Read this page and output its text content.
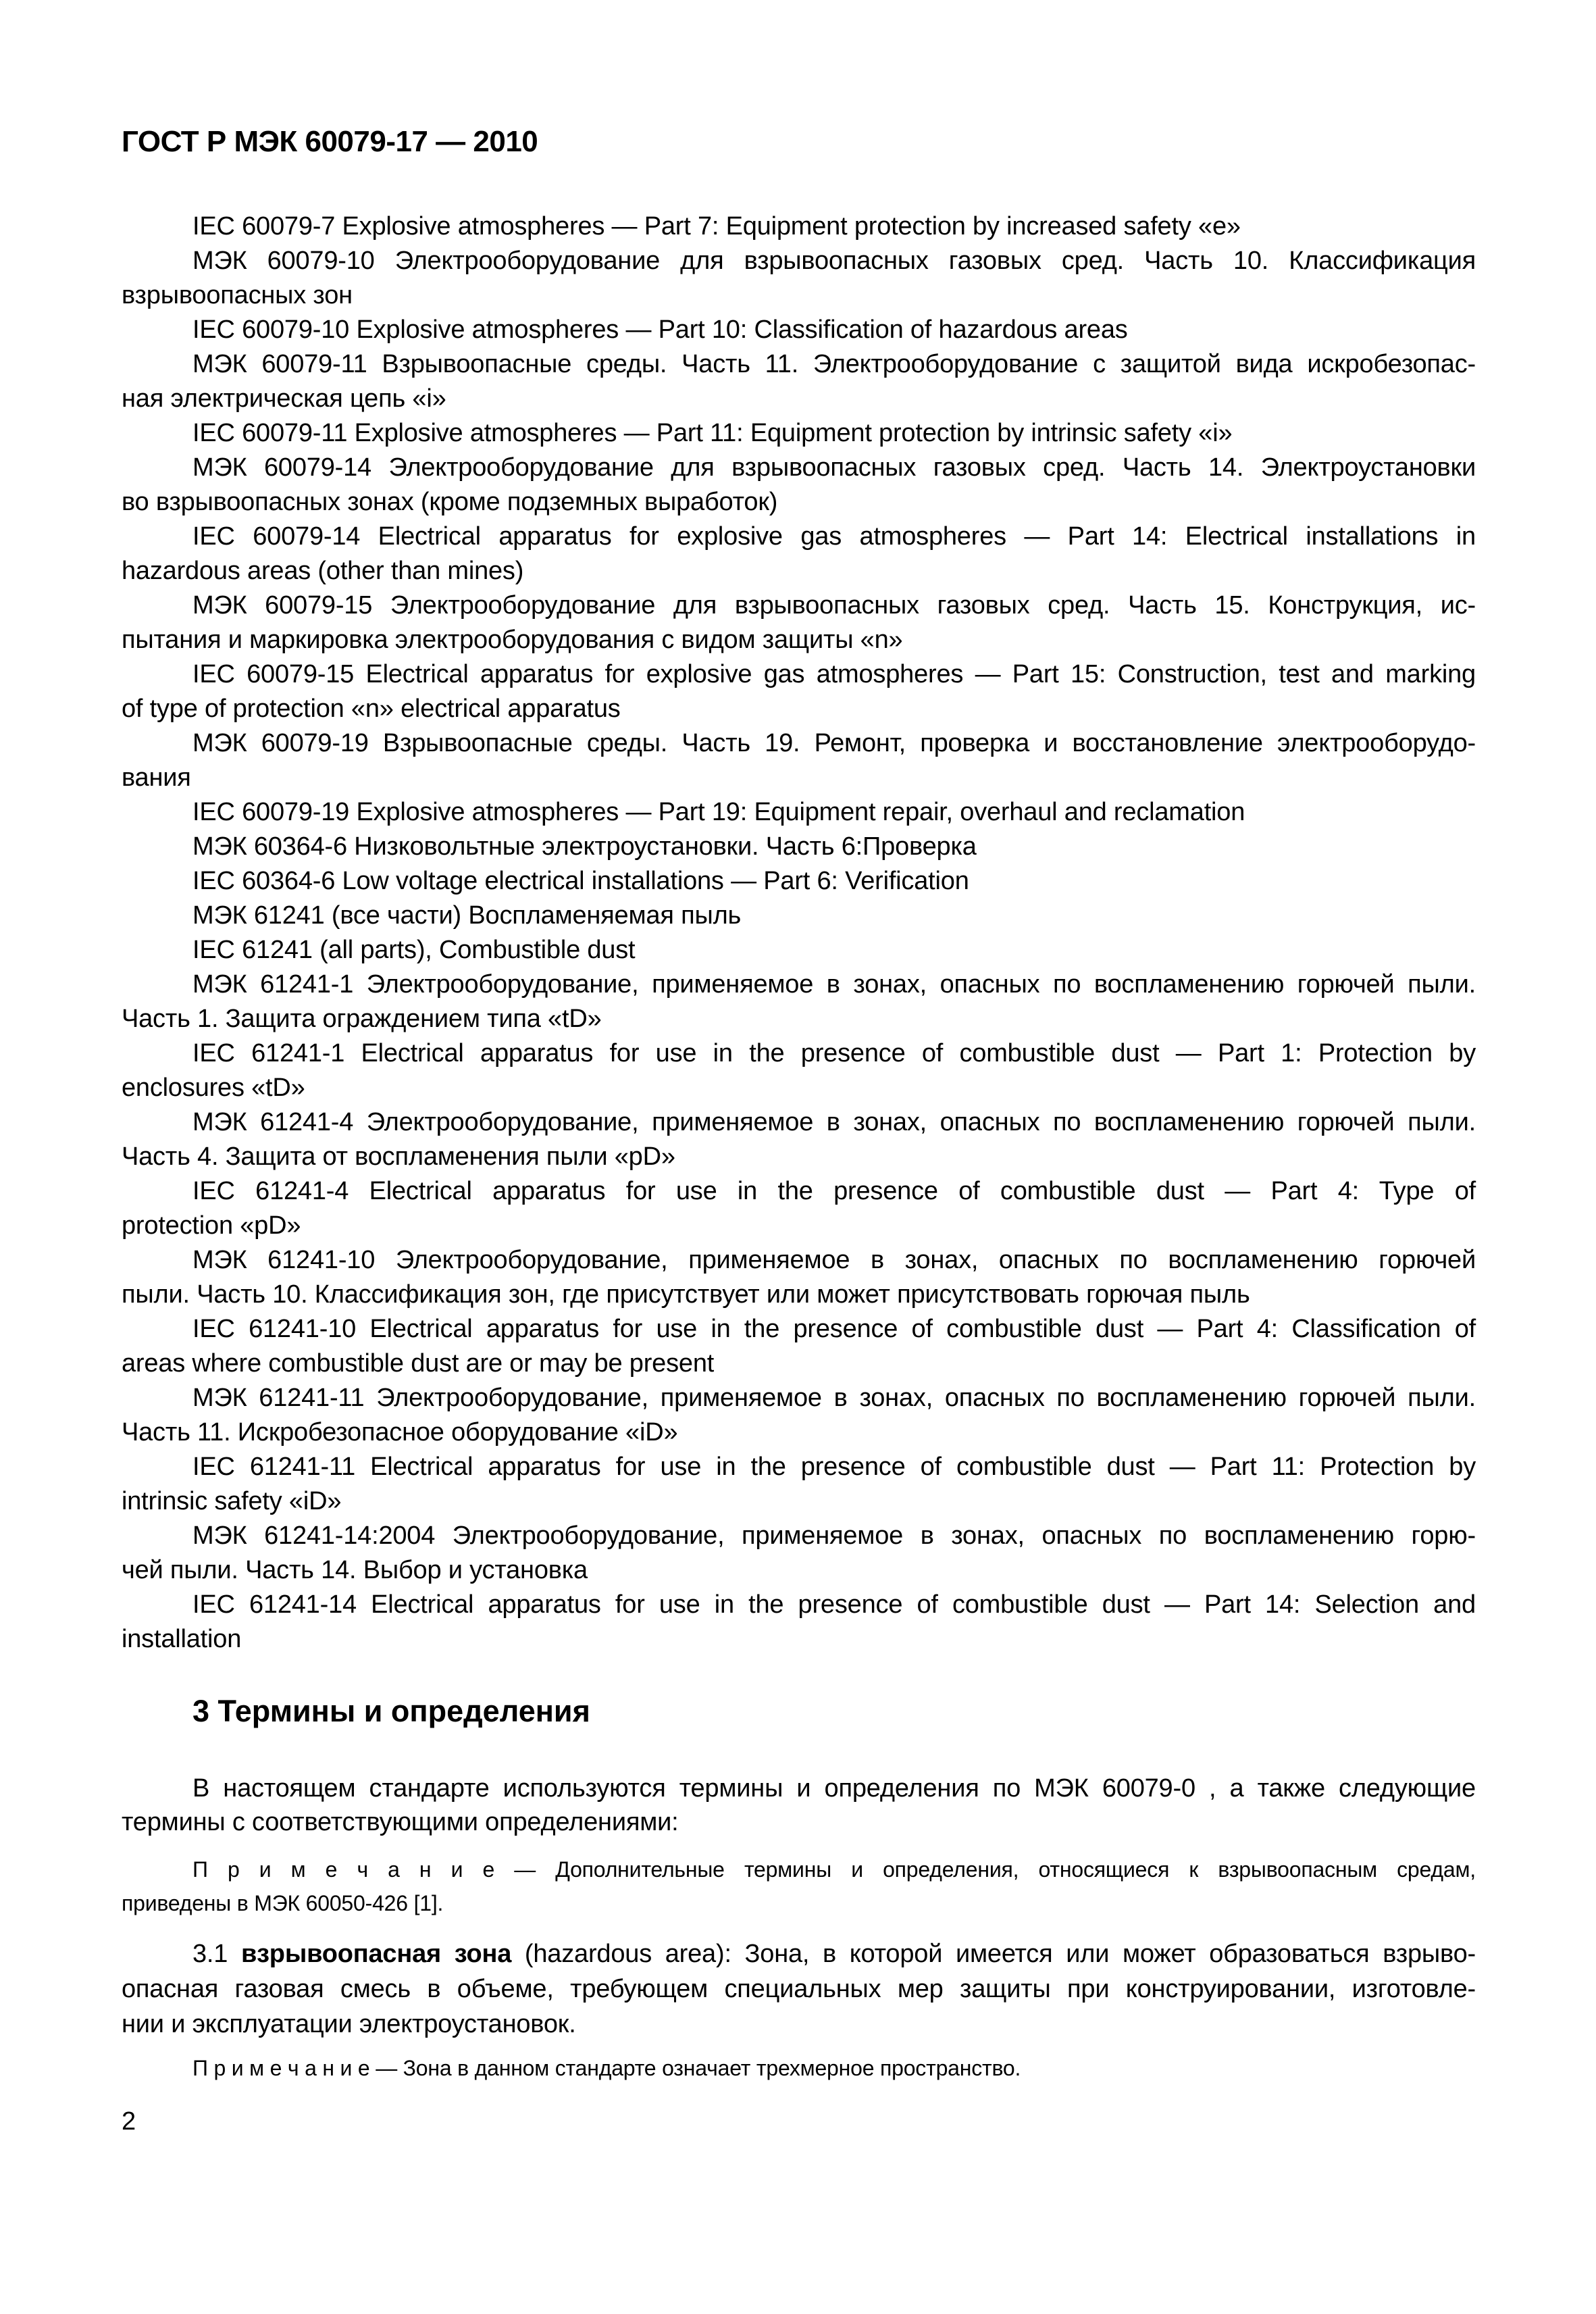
ГОСТ Р МЭК 60079-17 — 2010
IEC 60079-7 Explosive atmospheres — Part 7: Equipment protection by increased safety «e»
МЭК 60079-10 Электрооборудование для взрывоопасных газовых сред. Часть 10. Классификация
взрывоопасных зон
IEC 60079-10 Explosive atmospheres — Part 10: Classification of hazardous areas
МЭК 60079-11 Взрывоопасные среды. Часть 11. Электрооборудование с защитой вида искробезопас-
ная электрическая цепь «i»
IEC 60079-11 Explosive atmospheres — Part 11: Equipment protection by intrinsic safety «i»
МЭК 60079-14 Электрооборудование для взрывоопасных газовых сред. Часть 14. Электроустановки
во взрывоопасных зонах (кроме подземных выработок)
IEC 60079-14 Electrical apparatus for explosive gas atmospheres — Part 14: Electrical installations in
hazardous areas (other than mines)
МЭК 60079-15 Электрооборудование для взрывоопасных газовых сред. Часть 15. Конструкция, ис-
пытания и маркировка электрооборудования с видом защиты «n»
IEC 60079-15 Electrical apparatus for explosive gas atmospheres — Part 15: Construction, test and marking
of type of protection «n» electrical apparatus
МЭК 60079-19 Взрывоопасные среды. Часть 19. Ремонт, проверка и восстановление электрооборудо-
вания
IEC 60079-19 Explosive atmospheres — Part 19: Equipment repair, overhaul and reclamation
МЭК 60364-6 Низковольтные электроустановки. Часть 6:Проверка
IEC 60364-6 Low voltage electrical installations — Part 6: Verification
МЭК 61241 (все части) Воспламеняемая пыль
IEC 61241 (all parts), Combustible dust
МЭК 61241-1 Электрооборудование, применяемое в зонах, опасных по воспламенению горючей пыли.
Часть 1. Защита ограждением типа «tD»
IEC 61241-1 Electrical apparatus for use in the presence of combustible dust — Part 1: Protection by
enclosures «tD»
МЭК 61241-4 Электрооборудование, применяемое в зонах, опасных по воспламенению горючей пыли.
Часть 4. Защита от воспламенения пыли «pD»
IEC 61241-4 Electrical apparatus for use in the presence of combustible dust — Part 4: Type of
protection «pD»
МЭК 61241-10 Электрооборудование, применяемое в зонах, опасных по воспламенению горючей
пыли. Часть 10. Классификация зон, где присутствует или может присутствовать горючая пыль
IEC 61241-10 Electrical apparatus for use in the presence of combustible dust — Part 4: Classification of
areas where combustible dust are or may be present
МЭК 61241-11 Электрооборудование, применяемое в зонах, опасных по воспламенению горючей пыли.
Часть 11. Искробезопасное оборудование «iD»
IEC 61241-11 Electrical apparatus for use in the presence of combustible dust — Part 11: Protection by
intrinsic safety «iD»
МЭК 61241-14:2004 Электрооборудование, применяемое в зонах, опасных по воспламенению горю-
чей пыли. Часть 14. Выбор и установка
IEC 61241-14 Electrical apparatus for use in the presence of combustible dust — Part 14: Selection and
installation
3 Термины и определения
В настоящем стандарте используются термины и определения по МЭК 60079-0 , а также следующие
термины с соответствующими определениями:
П р и м е ч а н и е — Дополнительные термины и определения, относящиеся к взрывоопасным средам,
приведены в МЭК 60050-426 [1].
3.1 взрывоопасная зона (hazardous area): Зона, в которой имеется или может образоваться взрыво-
опасная газовая смесь в объеме, требующем специальных мер защиты при конструировании, изготовле-
нии и эксплуатации электроустановок.
П р и м е ч а н и е — Зона в данном стандарте означает трехмерное пространство.
2
